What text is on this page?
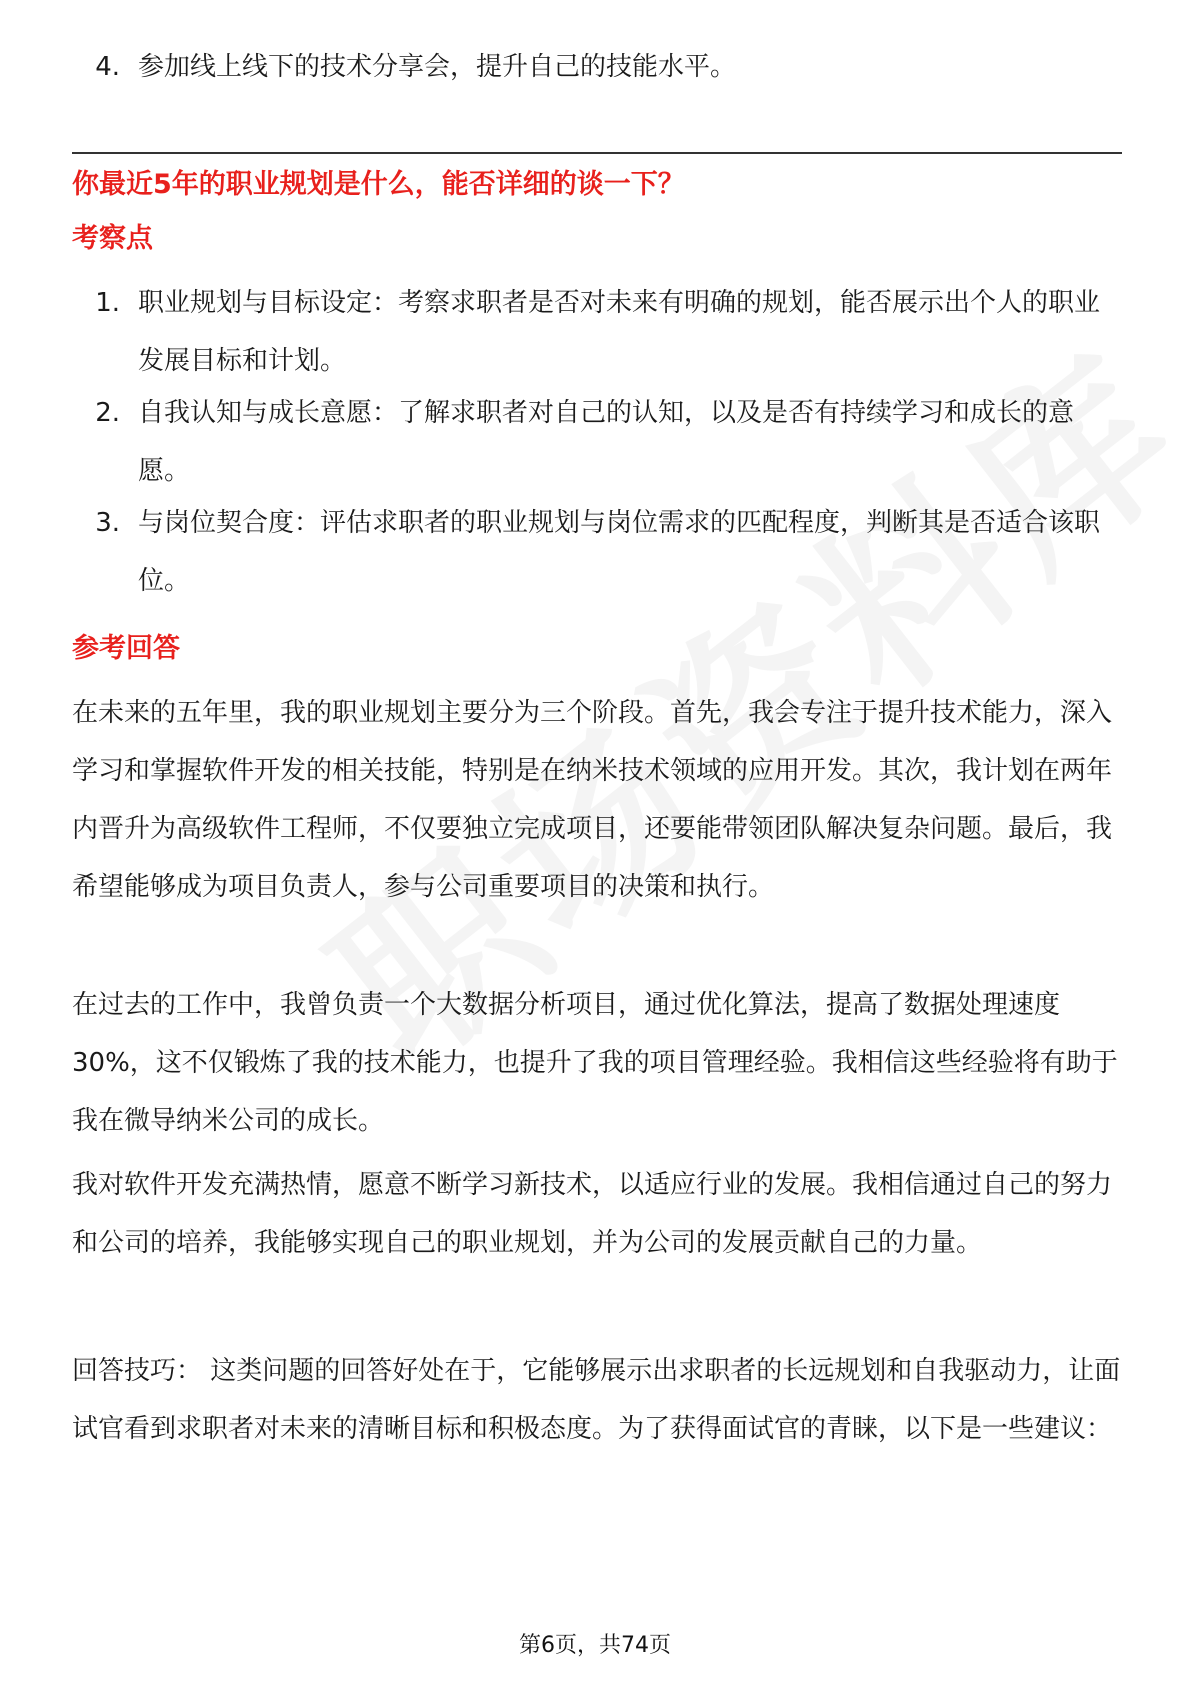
4. 参加线上线下的技术分享会，提升自己的技能水平。
你最近5年的职业规划是什么，能否详细的谈一下？
考察点
1. 职业规划与目标设定：考察求职者是否对未来有明确的规划，能否展示出个人的职业发展目标和计划。
2. 自我认知与成长意愿：了解求职者对自己的认知，以及是否有持续学习和成长的意愿。
3. 与岗位契合度：评估求职者的职业规划与岗位需求的匹配程度，判断其是否适合该职位。
参考回答
在未来的五年里，我的职业规划主要分为三个阶段。首先，我会专注于提升技术能力，深入学习和掌握软件开发的相关技能，特别是在纳米技术领域的应用开发。其次，我计划在两年内晋升为高级软件工程师，不仅要独立完成项目，还要能带领团队解决复杂问题。最后，我希望能够成为项目负责人，参与公司重要项目的决策和执行。
在过去的工作中，我曾负责一个大数据分析项目，通过优化算法，提高了数据处理速度30%，这不仅锻炼了我的技术能力，也提升了我的项目管理经验。我相信这些经验将有助于我在微导纳米公司的成长。
我对软件开发充满热情，愿意不断学习新技术，以适应行业的发展。我相信通过自己的努力和公司的培养，我能够实现自己的职业规划，并为公司的发展贡献自己的力量。
回答技巧： 这类问题的回答好处在于，它能够展示出求职者的长远规划和自我驱动力，让面试官看到求职者对未来的清晰目标和积极态度。为了获得面试官的青睐，以下是一些建议：
第6页，共74页
